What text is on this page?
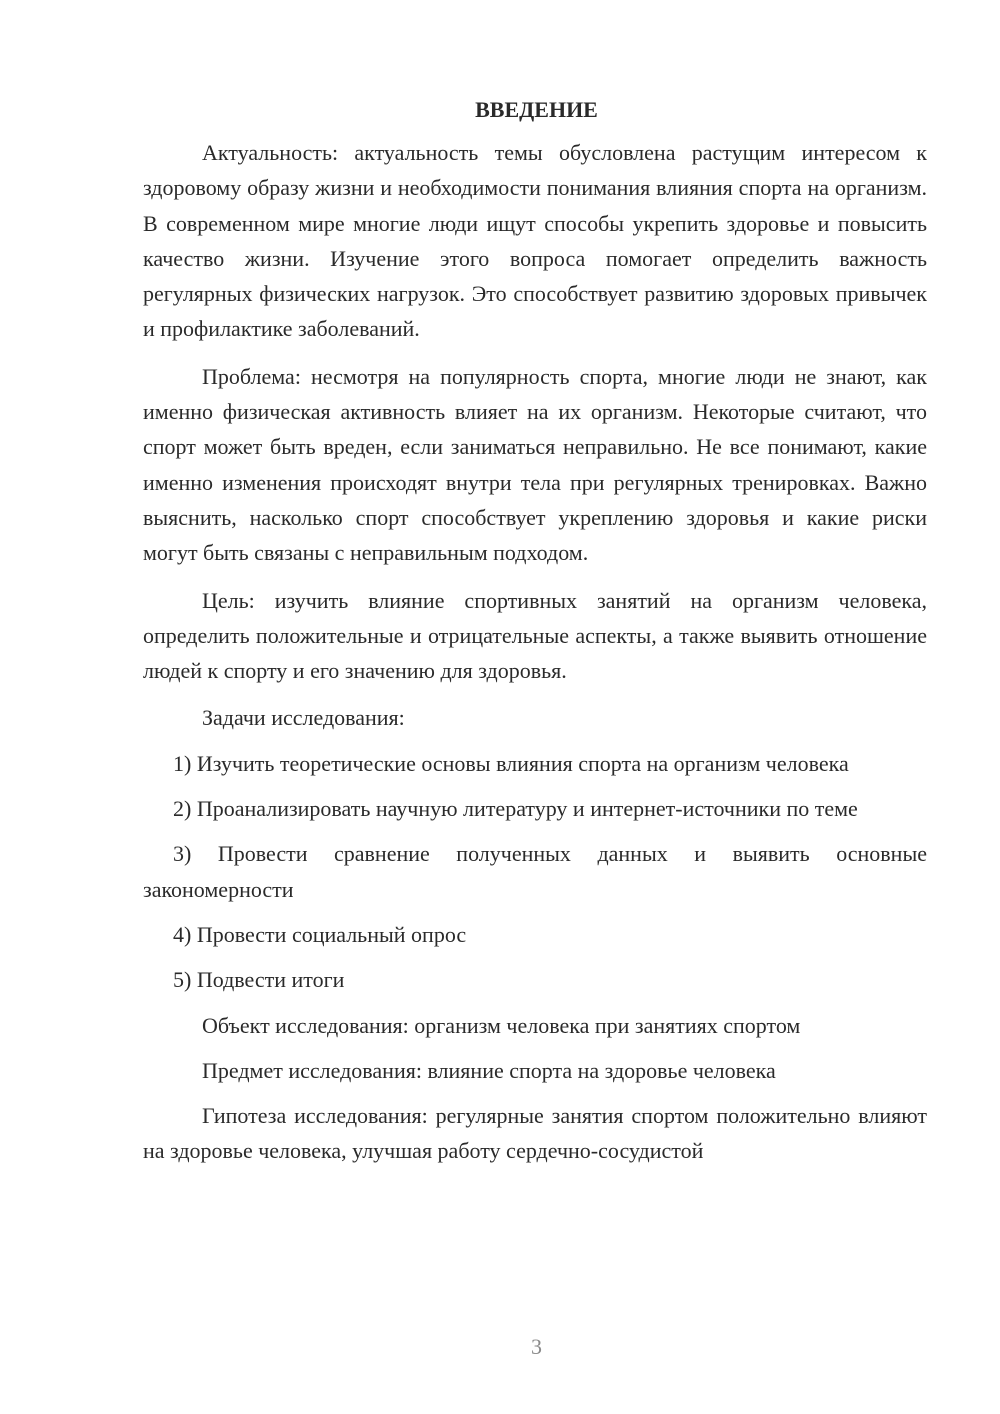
ВВЕДЕНИЕ

Актуальность: актуальность темы обусловлена растущим интересом к здоровому образу жизни и необходимости понимания влияния спорта на организм. В современном мире многие люди ищут способы укрепить здоровье и повысить качество жизни. Изучение этого вопроса помогает определить важность регулярных физических нагрузок. Это способствует развитию здоровых привычек и профилактике заболеваний.

Проблема: несмотря на популярность спорта, многие люди не знают, как именно физическая активность влияет на их организм. Некоторые считают, что спорт может быть вреден, если заниматься неправильно. Не все понимают, какие именно изменения происходят внутри тела при регулярных тренировках. Важно выяснить, насколько спорт способствует укреплению здоровья и какие риски могут быть связаны с неправильным подходом.

Цель: изучить влияние спортивных занятий на организм человека, определить положительные и отрицательные аспекты, а также выявить отношение людей к спорту и его значению для здоровья.

Задачи исследования:

1) Изучить теоретические основы влияния спорта на организм человека

2) Проанализировать научную литературу и интернет-источники по теме

3) Провести сравнение полученных данных и выявить основные закономерности

4) Провести социальный опрос

5) Подвести итоги

Объект исследования: организм человека при занятиях спортом

Предмет исследования: влияние спорта на здоровье человека

Гипотеза исследования: регулярные занятия спортом положительно влияют на здоровье человека, улучшая работу сердечно-сосудистой

3
